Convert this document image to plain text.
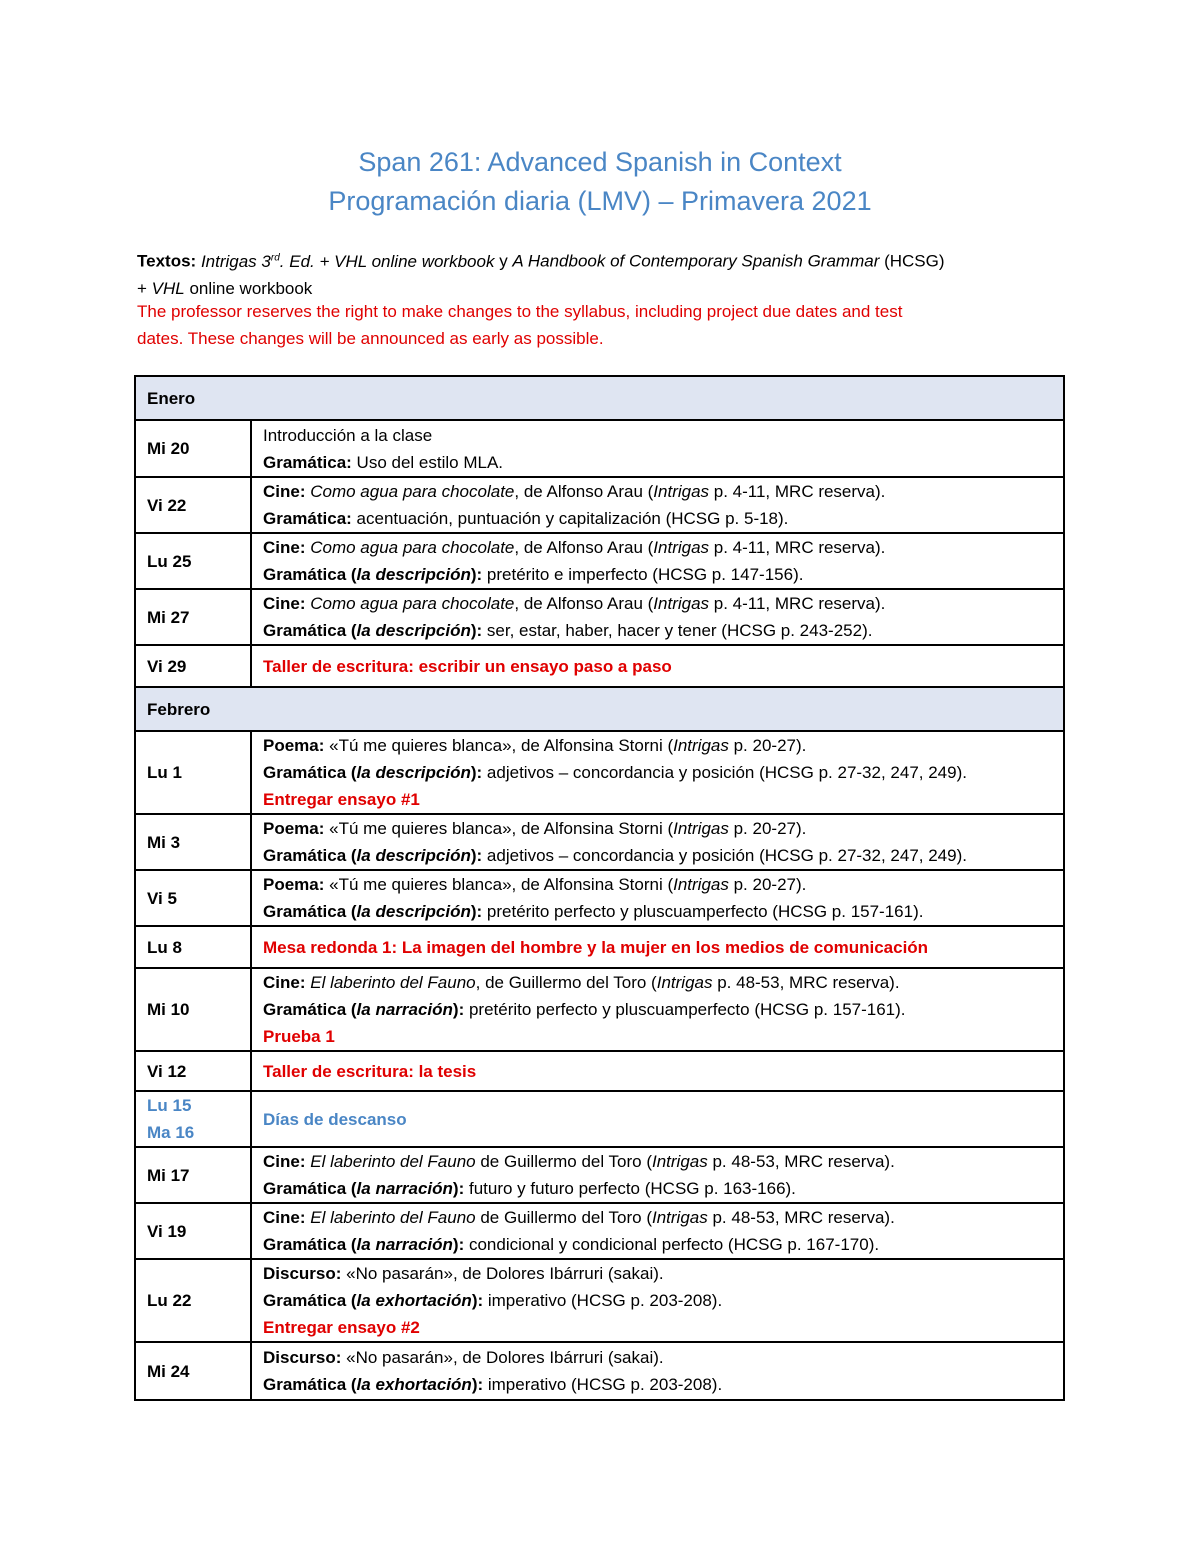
Span 261: Advanced Spanish in Context
Programación diaria (LMV) – Primavera 2021
Textos: Intrigas 3rd. Ed. + VHL online workbook y A Handbook of Contemporary Spanish Grammar (HCSG)
+ VHL online workbook
The professor reserves the right to make changes to the syllabus, including project due dates and test
dates. These changes will be announced as early as possible.
Enero	
Mi 20	Introducción a la clase
Gramática: Uso del estilo MLA.

Vi 22	Cine: Como agua para chocolate, de Alfonso Arau (Intrigas p. 4-11, MRC reserva).
Gramática: acentuación, puntuación y capitalización (HCSG p. 5-18).

Lu 25	Cine: Como agua para chocolate, de Alfonso Arau (Intrigas p. 4-11, MRC reserva).
Gramática (la descripción): pretérito e imperfecto (HCSG p. 147-156).

Mi 27	Cine: Como agua para chocolate, de Alfonso Arau (Intrigas p. 4-11, MRC reserva).
Gramática (la descripción): ser, estar, haber, hacer y tener (HCSG p. 243-252).

Vi 29	Taller de escritura: escribir un ensayo paso a paso
Febrero	
Lu 1	Poema: «Tú me quieres blanca», de Alfonsina Storni (Intrigas p. 20-27).
Gramática (la descripción): adjetivos – concordancia y posición (HCSG p. 27-32, 247, 249).
Entregar ensayo #1

Mi 3	Poema: «Tú me quieres blanca», de Alfonsina Storni (Intrigas p. 20-27).
Gramática (la descripción): adjetivos – concordancia y posición (HCSG p. 27-32, 247, 249).

Vi 5	Poema: «Tú me quieres blanca», de Alfonsina Storni (Intrigas p. 20-27).
Gramática (la descripción): pretérito perfecto y pluscuamperfecto (HCSG p. 157-161).

Lu 8	Mesa redonda 1: La imagen del hombre y la mujer en los medios de comunicación
Mi 10	Cine: El laberinto del Fauno, de Guillermo del Toro (Intrigas p. 48-53, MRC reserva).
Gramática (la narración): pretérito perfecto y pluscuamperfecto (HCSG p. 157-161).
Prueba 1

Vi 12	Taller de escritura: la tesis

Lu 15
Ma 16	Días de descanso
Mi 17	Cine: El laberinto del Fauno de Guillermo del Toro (Intrigas p. 48-53, MRC reserva).
Gramática (la narración): futuro y futuro perfecto (HCSG p. 163-166).

Vi 19	Cine: El laberinto del Fauno de Guillermo del Toro (Intrigas p. 48-53, MRC reserva).
Gramática (la narración): condicional y condicional perfecto (HCSG p. 167-170).

Lu 22	Discurso: «No pasarán», de Dolores Ibárruri (sakai).
Gramática (la exhortación): imperativo (HCSG p. 203-208).
Entregar ensayo #2

Mi 24	Discurso: «No pasarán», de Dolores Ibárruri (sakai).
Gramática (la exhortación): imperativo (HCSG p. 203-208).
